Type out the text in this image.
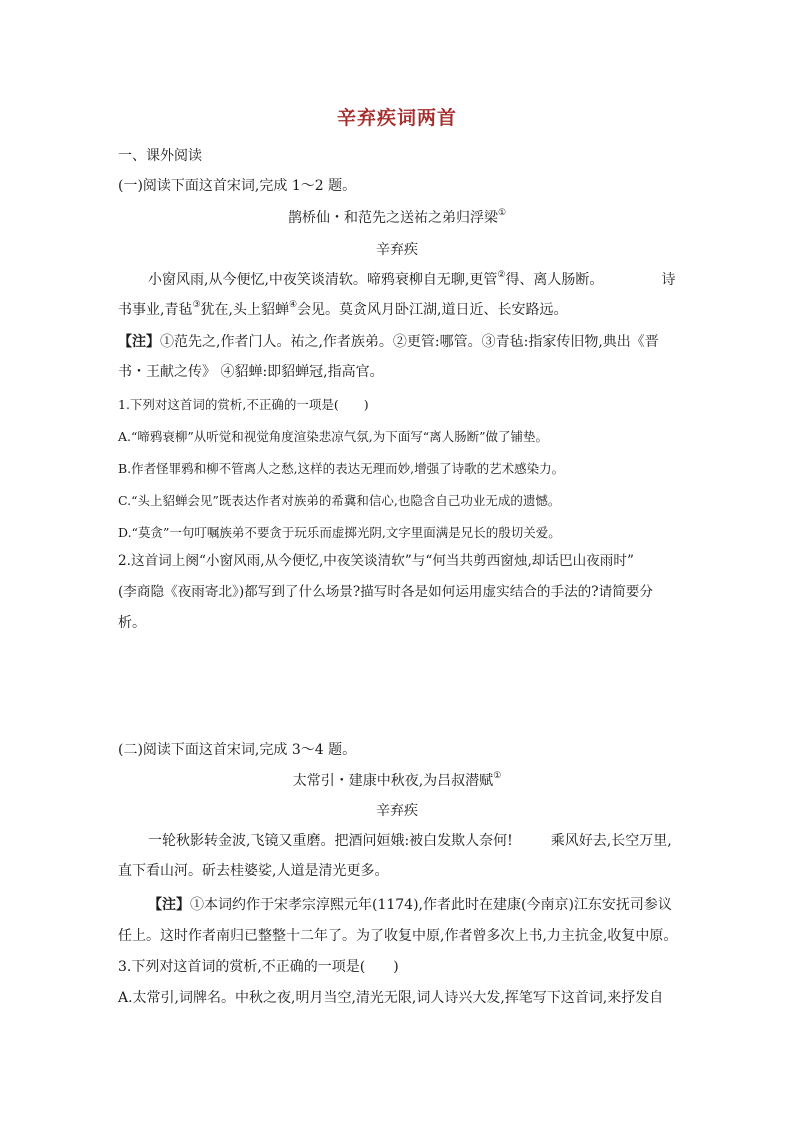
辛弃疾词两首
一、课外阅读
(一)阅读下面这首宋词,完成 1～2 题。
鹊桥仙・和范先之送祐之弟归浮梁①
辛弃疾
小窗风雨,从今便忆,中夜笑谈清软。啼鸦衰柳自无聊,更管②得、离人肠断。	诗
书事业,青毡③犹在,头上貂蝉④会见。莫贪风月卧江湖,道日近、长安路远。
【注】①范先之,作者门人。祐之,作者族弟。②更管:哪管。③青毡:指家传旧物,典出《晋
书・王献之传》 ④貂蝉:即貂蝉冠,指高官。
1.下列对这首词的赏析,不正确的一项是(　　)
A.“啼鸦衰柳”从听觉和视觉角度渲染悲凉气氛,为下面写“离人肠断”做了铺垫。
B.作者怪罪鸦和柳不管离人之愁,这样的表达无理而妙,增强了诗歌的艺术感染力。
C.“头上貂蝉会见”既表达作者对族弟的希冀和信心,也隐含自己功业无成的遗憾。
D.“莫贪”一句叮嘱族弟不要贪于玩乐而虚掷光阴,文字里面满是兄长的殷切关爱。
2.这首词上阕“小窗风雨,从今便忆,中夜笑谈清软”与“何当共剪西窗烛,却话巴山夜雨时”
(李商隐《夜雨寄北》)都写到了什么场景?描写时各是如何运用虚实结合的手法的?请简要分
析。
(二)阅读下面这首宋词,完成 3～4 题。
太常引・建康中秋夜,为吕叔潜赋①
辛弃疾
一轮秋影转金波,飞镜又重磨。把酒问姮娥:被白发欺人奈何!	乘风好去,长空万里,
直下看山河。斫去桂婆娑,人道是清光更多。
【注】①本词约作于宋孝宗淳熙元年(1174),作者此时在建康(今南京)江东安抚司参议
任上。这时作者南归已整整十二年了。为了收复中原,作者曾多次上书,力主抗金,收复中原。
3.下列对这首词的赏析,不正确的一项是(　　)
A.太常引,词牌名。中秋之夜,明月当空,清光无限,词人诗兴大发,挥笔写下这首词,来抒发自
